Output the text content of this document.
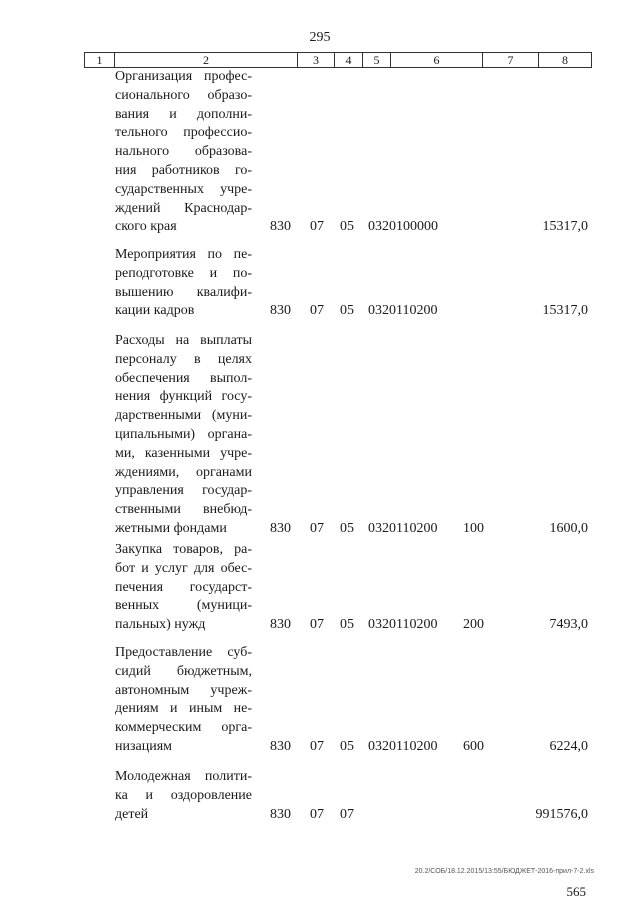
295
1	2	3	4	5	6	7	8
Организация профес-
сионального образо-
вания и дополни-
тельного профессио-
нального образова-
ния работников го-
сударственных учре-
ждений Краснодар-
ского края	830 07 05 0320100000	15317,0
Мероприятия по пе-
реподготовке и по-
вышению квалифи-
кации кадров	830 07 05 0320110200	15317,0
Расходы на выплаты
персоналу в целях
обеспечения выпол-
нения функций госу-
дарственными (муни-
ципальными) органа-
ми, казенными учре-
ждениями, органами
управления государ-
ственными внебюд-
жетными фондами	830 07 05 0320110200 100	1600,0
Закупка товаров, ра-
бот и услуг для обес-
печения государст-
венных (муници-
пальных) нужд	830 07 05 0320110200 200	7493,0
Предоставление суб-
сидий бюджетным,
автономным учреж-
дениям и иным не-
коммерческим орга-
низациям	830 07 05 0320110200 600	6224,0
Молодежная полити-
ка и оздоровление
детей	830 07 07	991576,0
20.2/СОБ/18.12.2015/13:55/БЮДЖЕТ-2016-прил-7-2.xls
565
